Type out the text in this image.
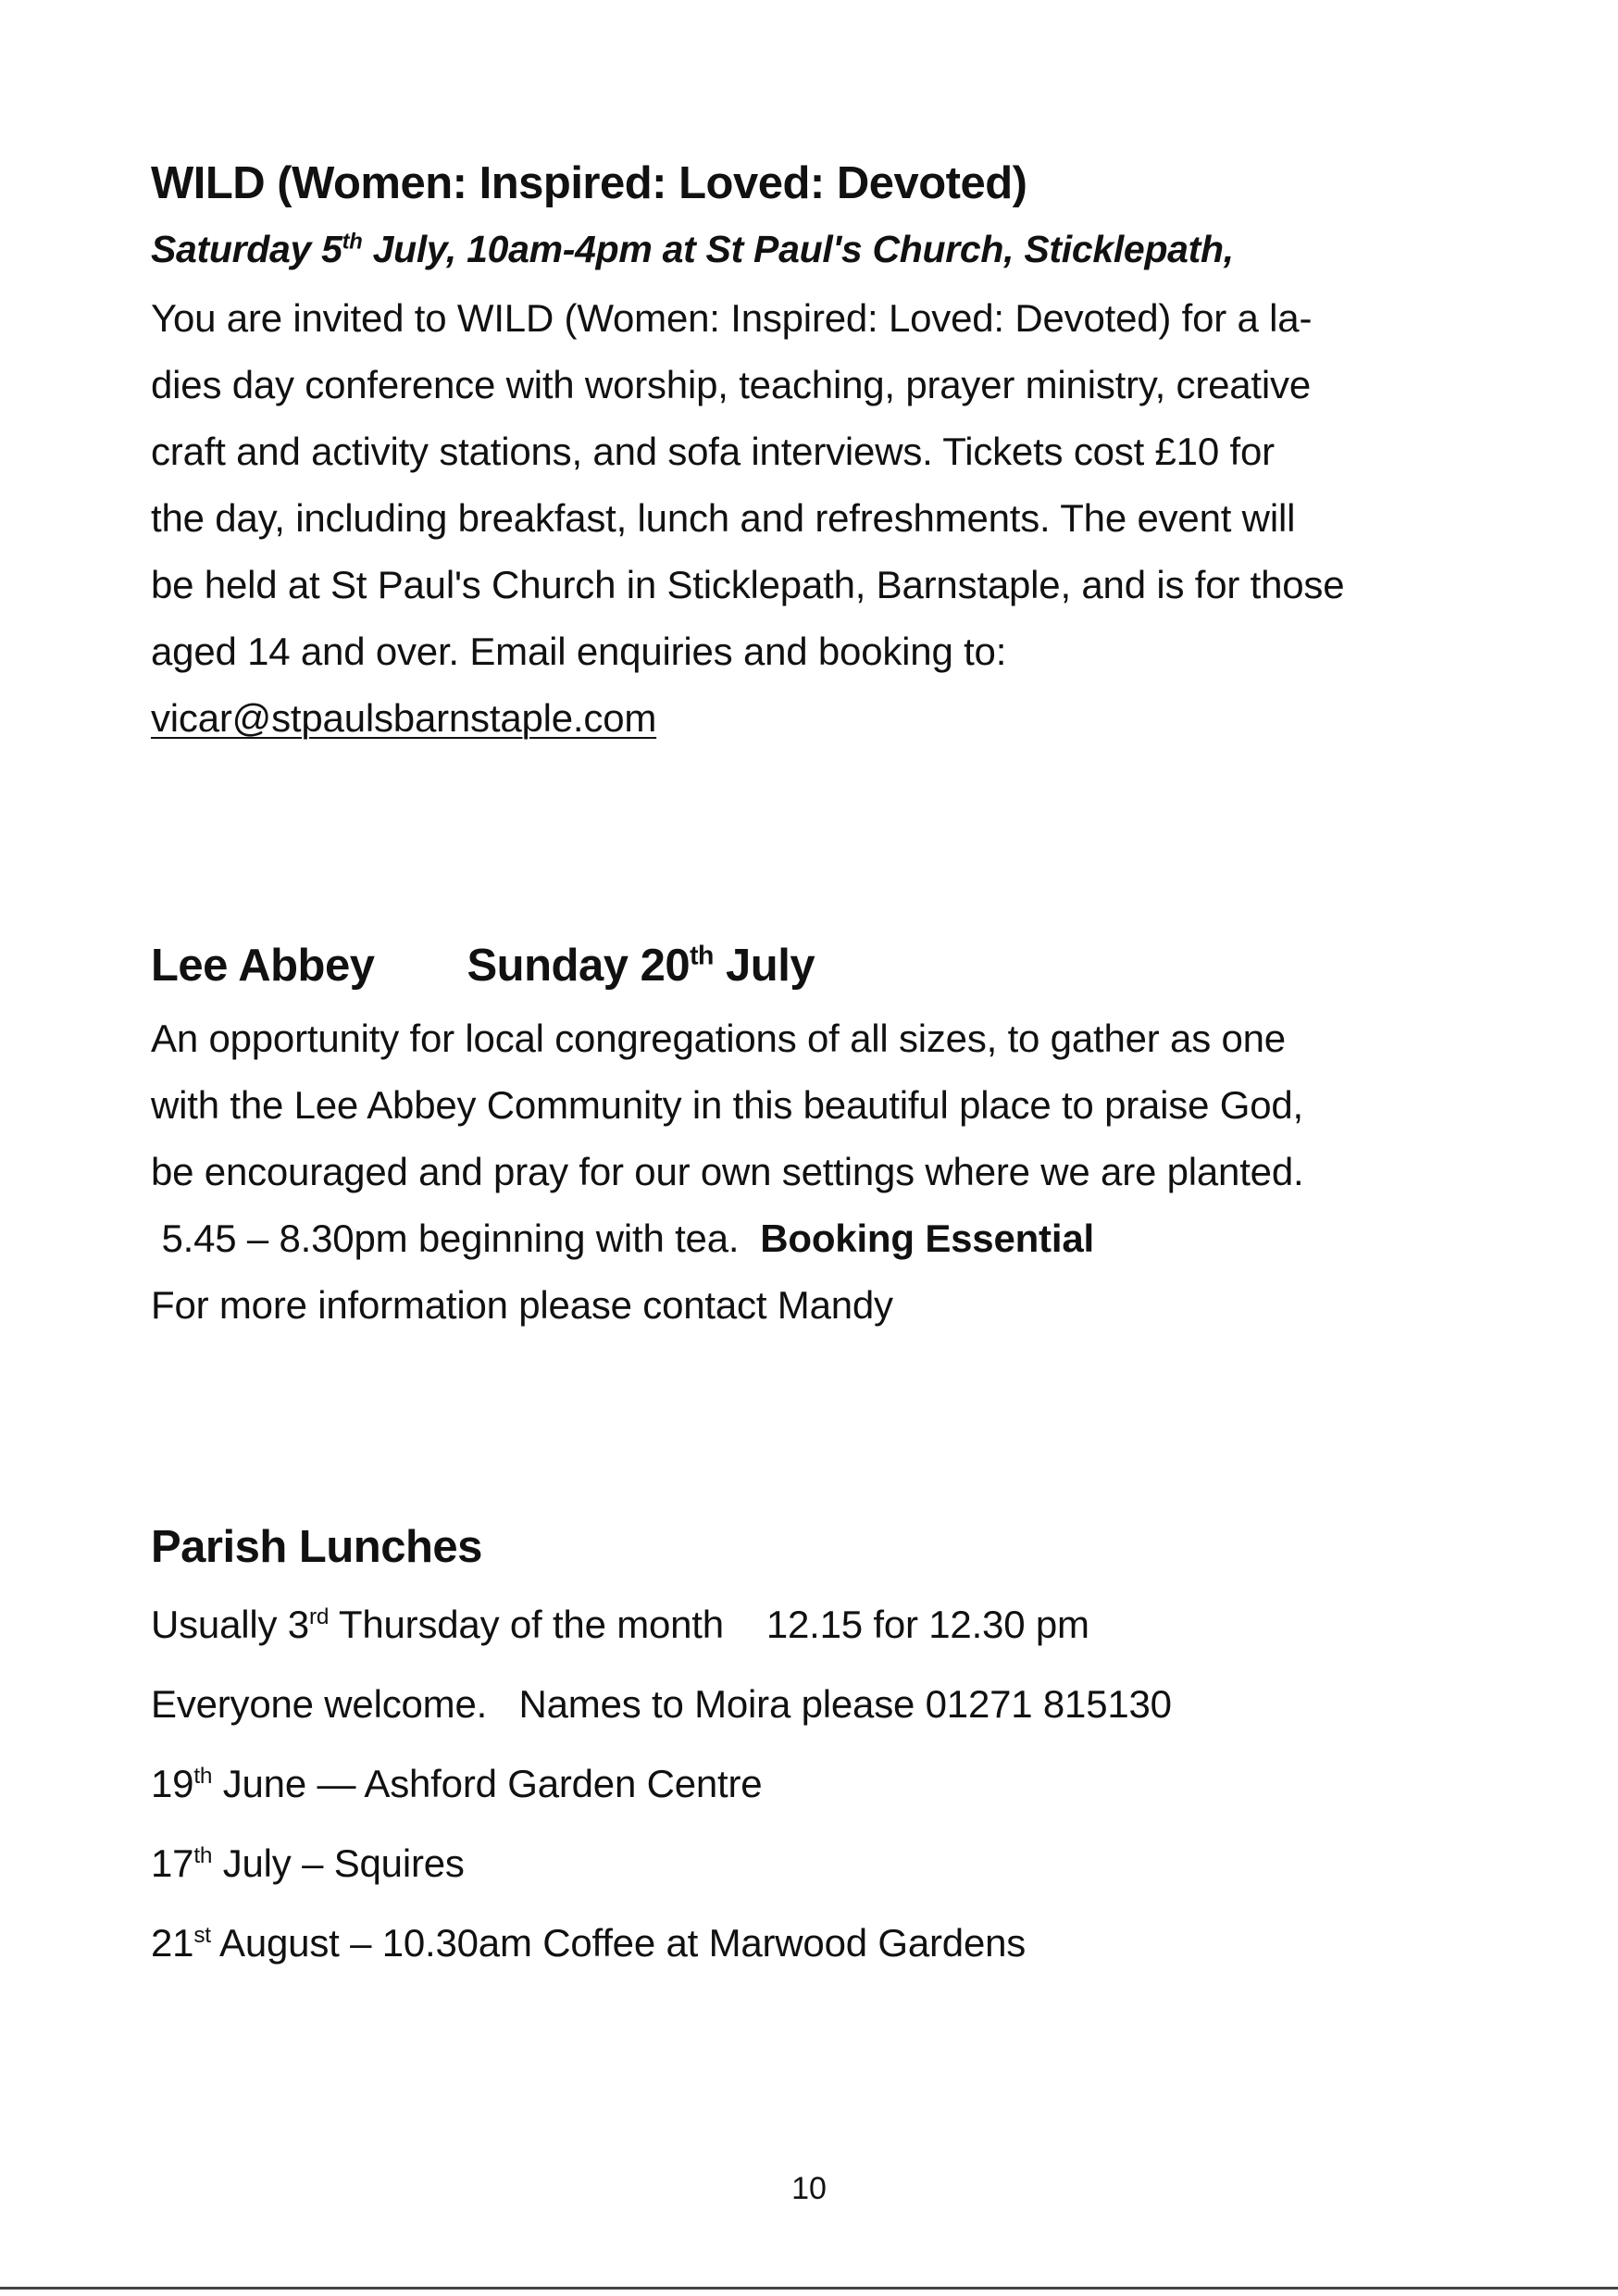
WILD (Women: Inspired: Loved: Devoted)
Saturday 5th July, 10am-4pm at St Paul's Church, Sticklepath,
You are invited to WILD (Women: Inspired: Loved: Devoted) for a la-
dies day conference with worship, teaching, prayer ministry, creative
craft and activity stations, and sofa interviews. Tickets cost £10 for
the day, including breakfast, lunch and refreshments. The event will
be held at St Paul's Church in Sticklepath, Barnstaple, and is for those
aged 14 and over. Email enquiries and booking to:
vicar@stpaulsbarnstaple.com
Lee Abbey Sunday 20th July
An opportunity for local congregations of all sizes, to gather as one
with the Lee Abbey Community in this beautiful place to praise God,
be encouraged and pray for our own settings where we are planted.
5.45 – 8.30pm beginning with tea.  Booking Essential
For more information please contact Mandy
Parish Lunches
Usually 3rd Thursday of the month    12.15 for 12.30 pm
Everyone welcome.   Names to Moira please 01271 815130
19th June — Ashford Garden Centre
17th July – Squires
21st August – 10.30am Coffee at Marwood Gardens
10
